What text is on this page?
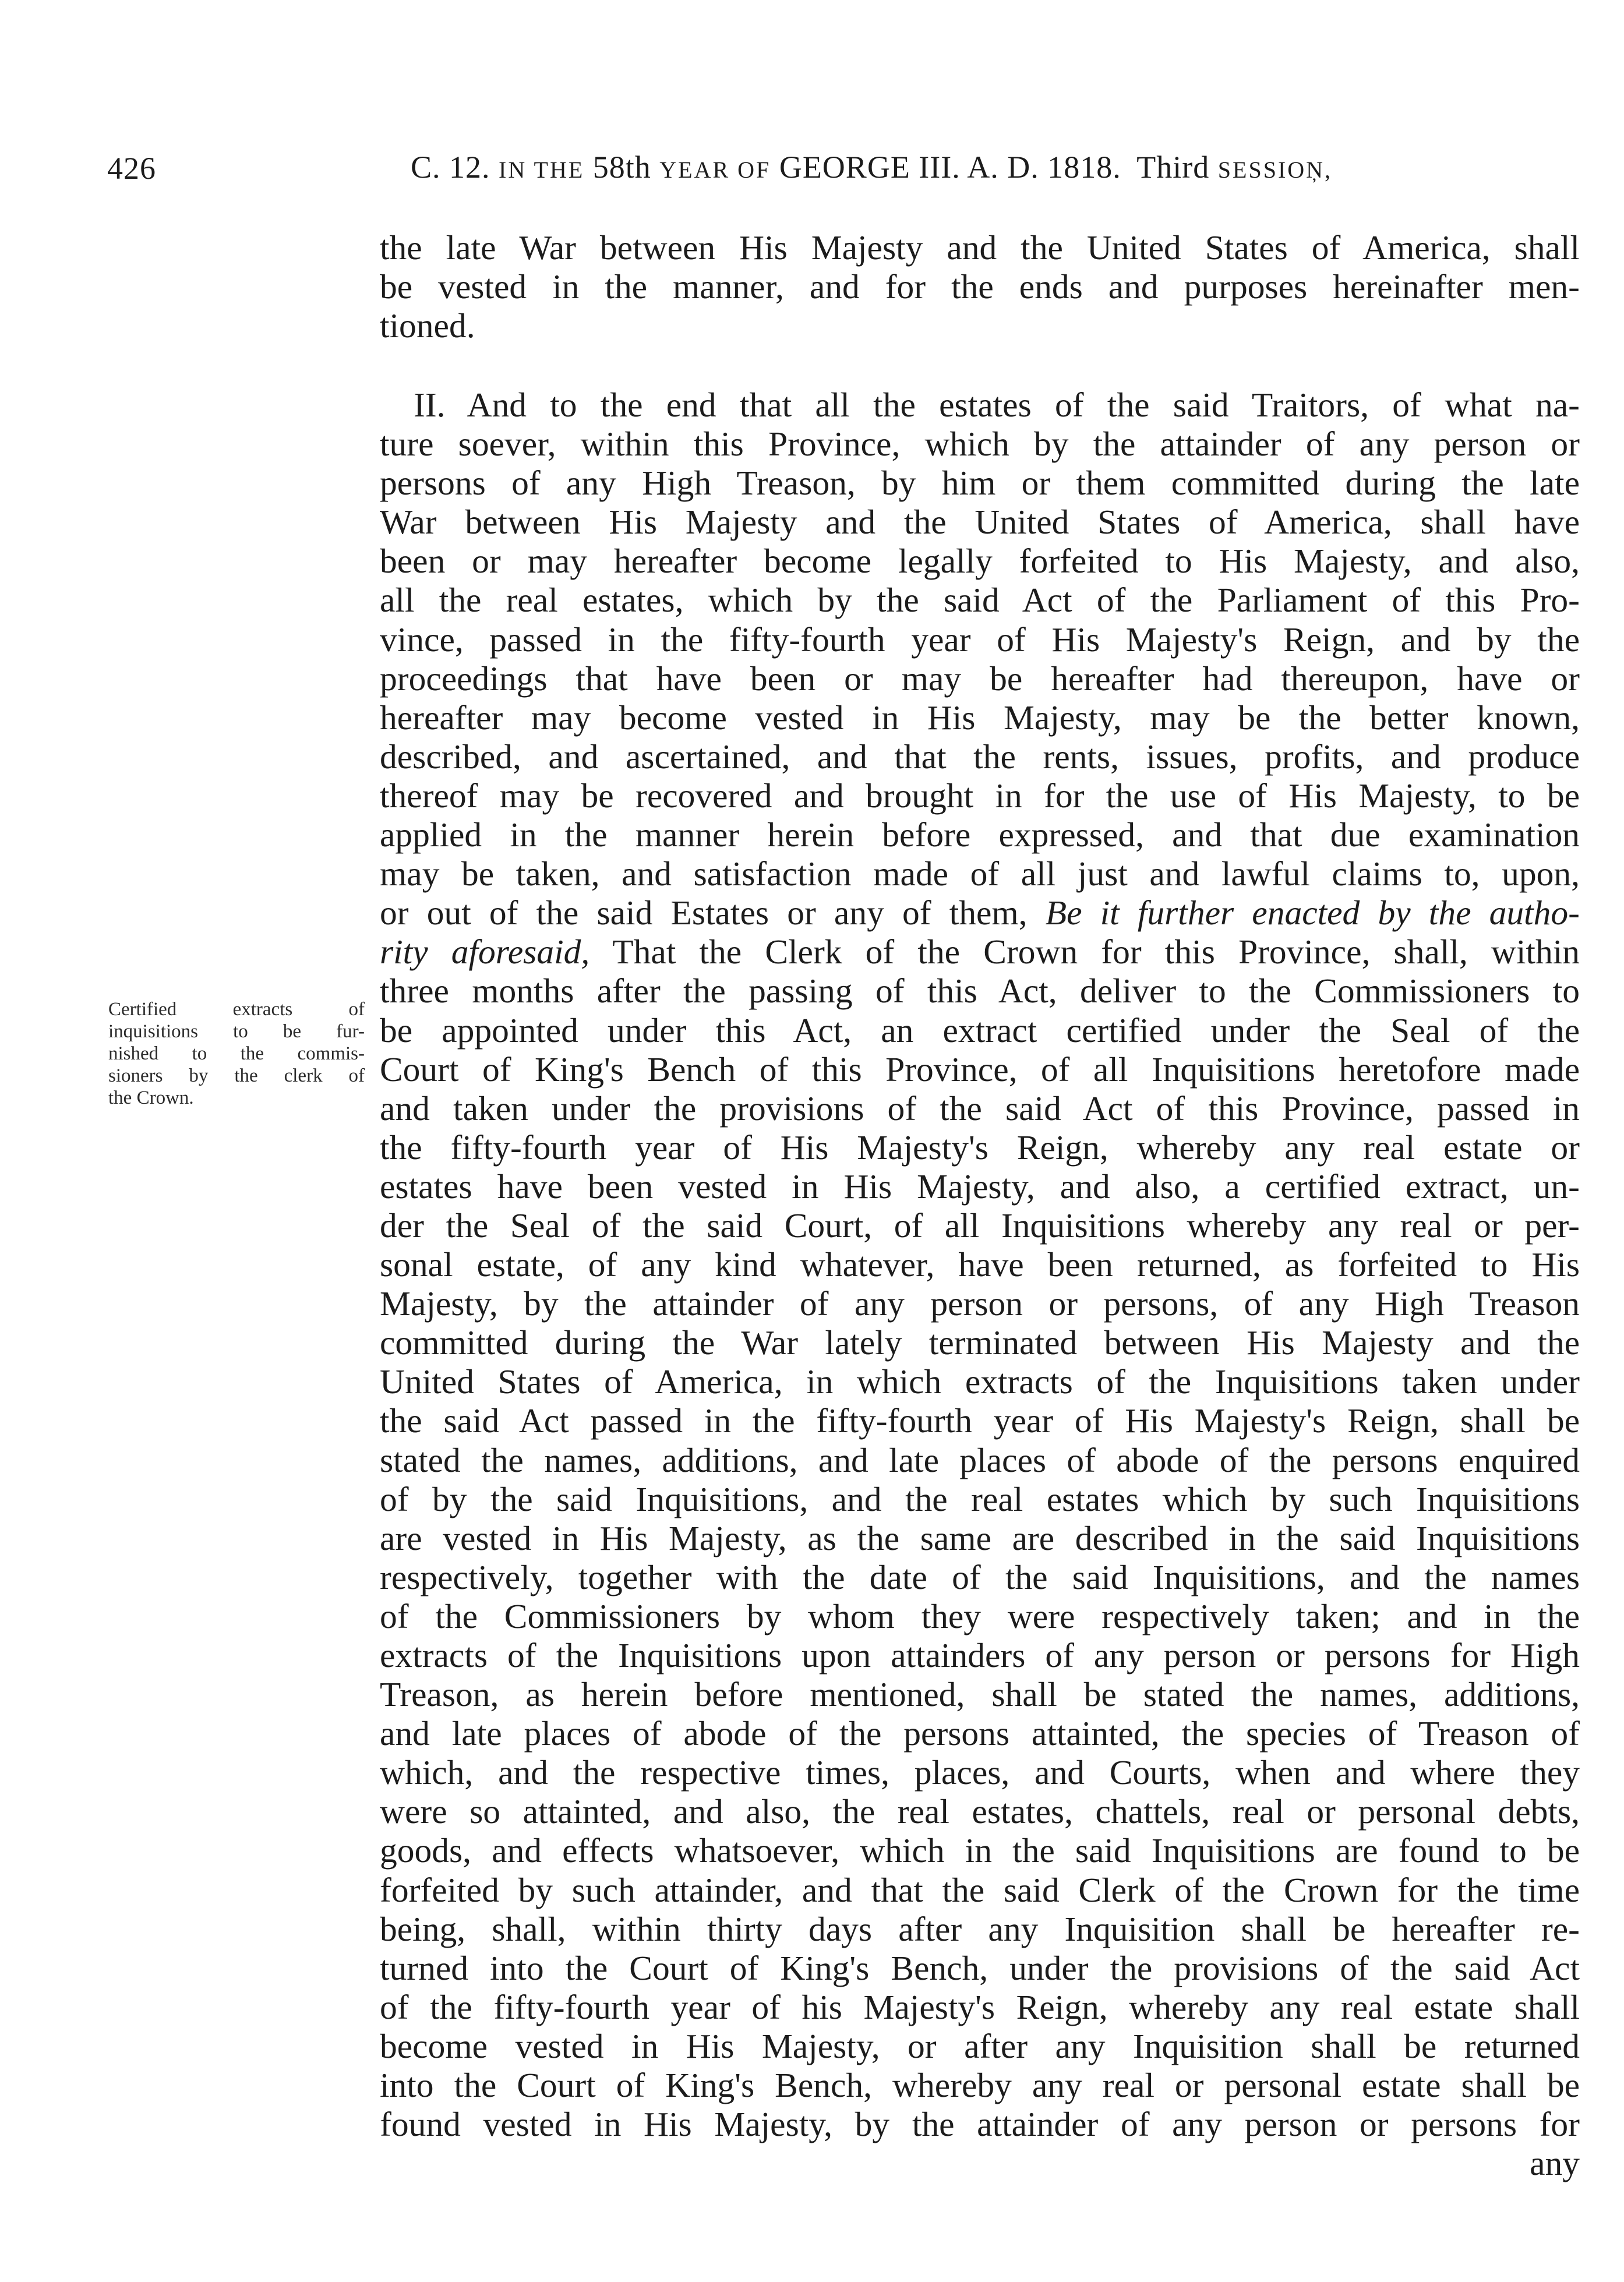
426	C. 12. IN THE 58th YEAR OF GEORGE III. A. D. 1818. Third SESSIOŅ,
Certified extracts of
inquisitions to be fur-
nished to the commis-
sioners by the clerk of
the Crown.
the late War between His Majesty and the United States of America, shall
be vested in the manner, and for the ends and purposes hereinafter men-
tioned.
II. And to the end that all the estates of the said Traitors, of what na-
ture soever, within this Province, which by the attainder of any person or
persons of any High Treason, by him or them committed during the late
War between His Majesty and the United States of America, shall have
been or may hereafter become legally forfeited to His Majesty, and also,
all the real estates, which by the said Act of the Parliament of this Pro-
vince, passed in the fifty-fourth year of His Majesty's Reign, and by the
proceedings that have been or may be hereafter had thereupon, have or
hereafter may become vested in His Majesty, may be the better known,
described, and ascertained, and that the rents, issues, profits, and produce
thereof may be recovered and brought in for the use of His Majesty, to be
applied in the manner herein before expressed, and that due examination
may be taken, and satisfaction made of all just and lawful claims to, upon,
or out of the said Estates or any of them, Be it further enacted by the autho-
rity aforesaid, That the Clerk of the Crown for this Province, shall, within
three months after the passing of this Act, deliver to the Commissioners to
be appointed under this Act, an extract certified under the Seal of the
Court of King's Bench of this Province, of all Inquisitions heretofore made
and taken under the provisions of the said Act of this Province, passed in
the fifty-fourth year of His Majesty's Reign, whereby any real estate or
estates have been vested in His Majesty, and also, a certified extract, un-
der the Seal of the said Court, of all Inquisitions whereby any real or per-
sonal estate, of any kind whatever, have been returned, as forfeited to His
Majesty, by the attainder of any person or persons, of any High Treason
committed during the War lately terminated between His Majesty and the
United States of America, in which extracts of the Inquisitions taken under
the said Act passed in the fifty-fourth year of His Majesty's Reign, shall be
stated the names, additions, and late places of abode of the persons enquired
of by the said Inquisitions, and the real estates which by such Inquisitions
are vested in His Majesty, as the same are described in the said Inquisitions
respectively, together with the date of the said Inquisitions, and the names
of the Commissioners by whom they were respectively taken; and in the
extracts of the Inquisitions upon attainders of any person or persons for High
Treason, as herein before mentioned, shall be stated the names, additions,
and late places of abode of the persons attainted, the species of Treason of
which, and the respective times, places, and Courts, when and where they
were so attainted, and also, the real estates, chattels, real or personal debts,
goods, and effects whatsoever, which in the said Inquisitions are found to be
forfeited by such attainder, and that the said Clerk of the Crown for the time
being, shall, within thirty days after any Inquisition shall be hereafter re-
turned into the Court of King's Bench, under the provisions of the said Act
of the fifty-fourth year of his Majesty's Reign, whereby any real estate shall
become vested in His Majesty, or after any Inquisition shall be returned
into the Court of King's Bench, whereby any real or personal estate shall be
found vested in His Majesty, by the attainder of any person or persons for
any
